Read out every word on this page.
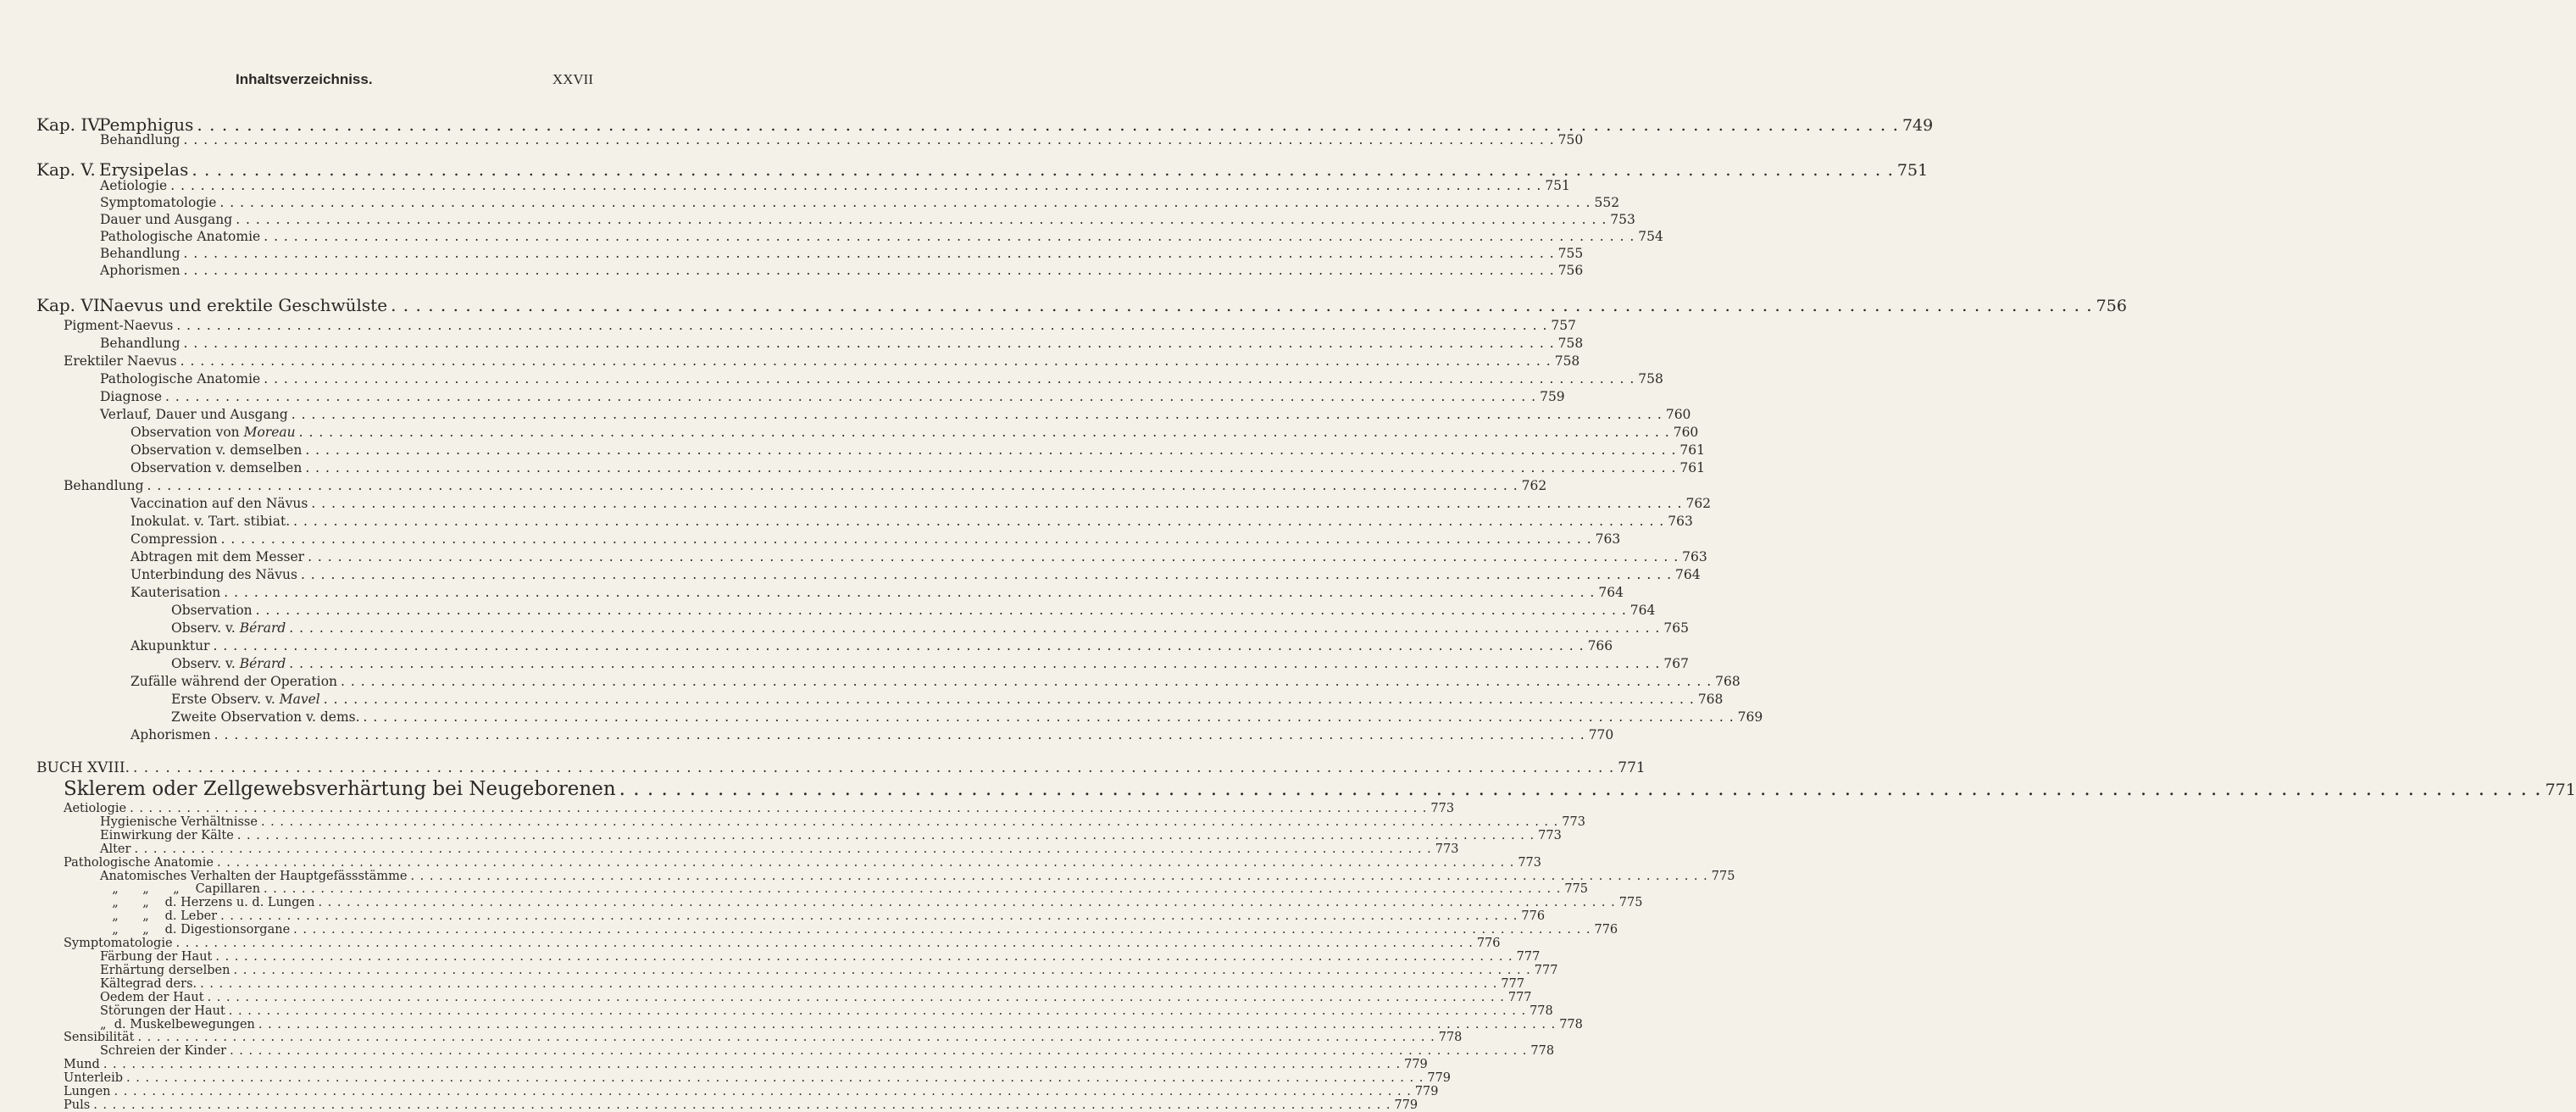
Inhaltsverzeichniss.	XXVII
Kap. IV.Pemphigus . . .	749
Behandlung . . .	750
Kap. V. Erysipelas . . .	751
Aetiologie . . .	751
Symptomatologie . . .	552
Dauer und Ausgang . . .	753
Pathologische Anatomie . . .	754
Behandlung . . .	755
Aphorismen . . .	756
Kap. VI.Naevus und erektile Geschwülste . . .	756
Pigment-Naevus . . .	757
Behandlung . . .	758
Erektiler Naevus . . .	758
Pathologische Anatomie . . .	758
Diagnose . . .	759
Verlauf, Dauer und Ausgang . . .	760
Observation von Moreau . . .	760
Observation v. demselben . . .	761
Observation v. demselben . . .	761
Behandlung . . .	762
Vaccination auf den Nävus . . .	762
Inokulat. v. Tart. stibiat. . . .	763
Compression . . .	763
Abtragen mit dem Messer . . .	763
Unterbindung des Nävus . . .	764
Kauterisation . . .	764
Observation . . .	764
Observ. v. Bérard . . .	765
Akupunktur . . .	766
Observ. v. Bérard . . .	767
Zufälle während der Operation . . .	768
Erste Observ. v. Mavel . . .	768
Zweite Observation v. dems. . . .	769
Aphorismen . . .	770
BUCH XVIII. . . .	771
Sklerem oder Zellgewebsverhärtung bei Neugeborenen . . .	771
Aetiologie . . .	773
Hygienische Verhältnisse . . .	773
Einwirkung der Kälte . . .	773
Alter . . .	773
Pathologische Anatomie . . .	773
Anatomisches Verhalten der Hauptgefässstämme . . .	775
„ „ „ Capillaren . . .	775
„ „ d. Herzens u. d. Lungen . . .	775
„ „ d. Leber . . .	776
„ „ d. Digestionsorgane . . .	776
Symptomatologie . . .	776
Färbung der Haut . . .	777
Erhärtung derselben . . .	777
Kältegrad ders. . . .	777
Oedem der Haut . . .	777
Störungen der Haut . . .	778
„ d. Muskelbewegungen . . .	778
Sensibilität . . .	778
Schreien der Kinder . . .	778
Mund . . .	779
Unterleib . . .	779
Lungen . . .	779
Puls . . .	779
